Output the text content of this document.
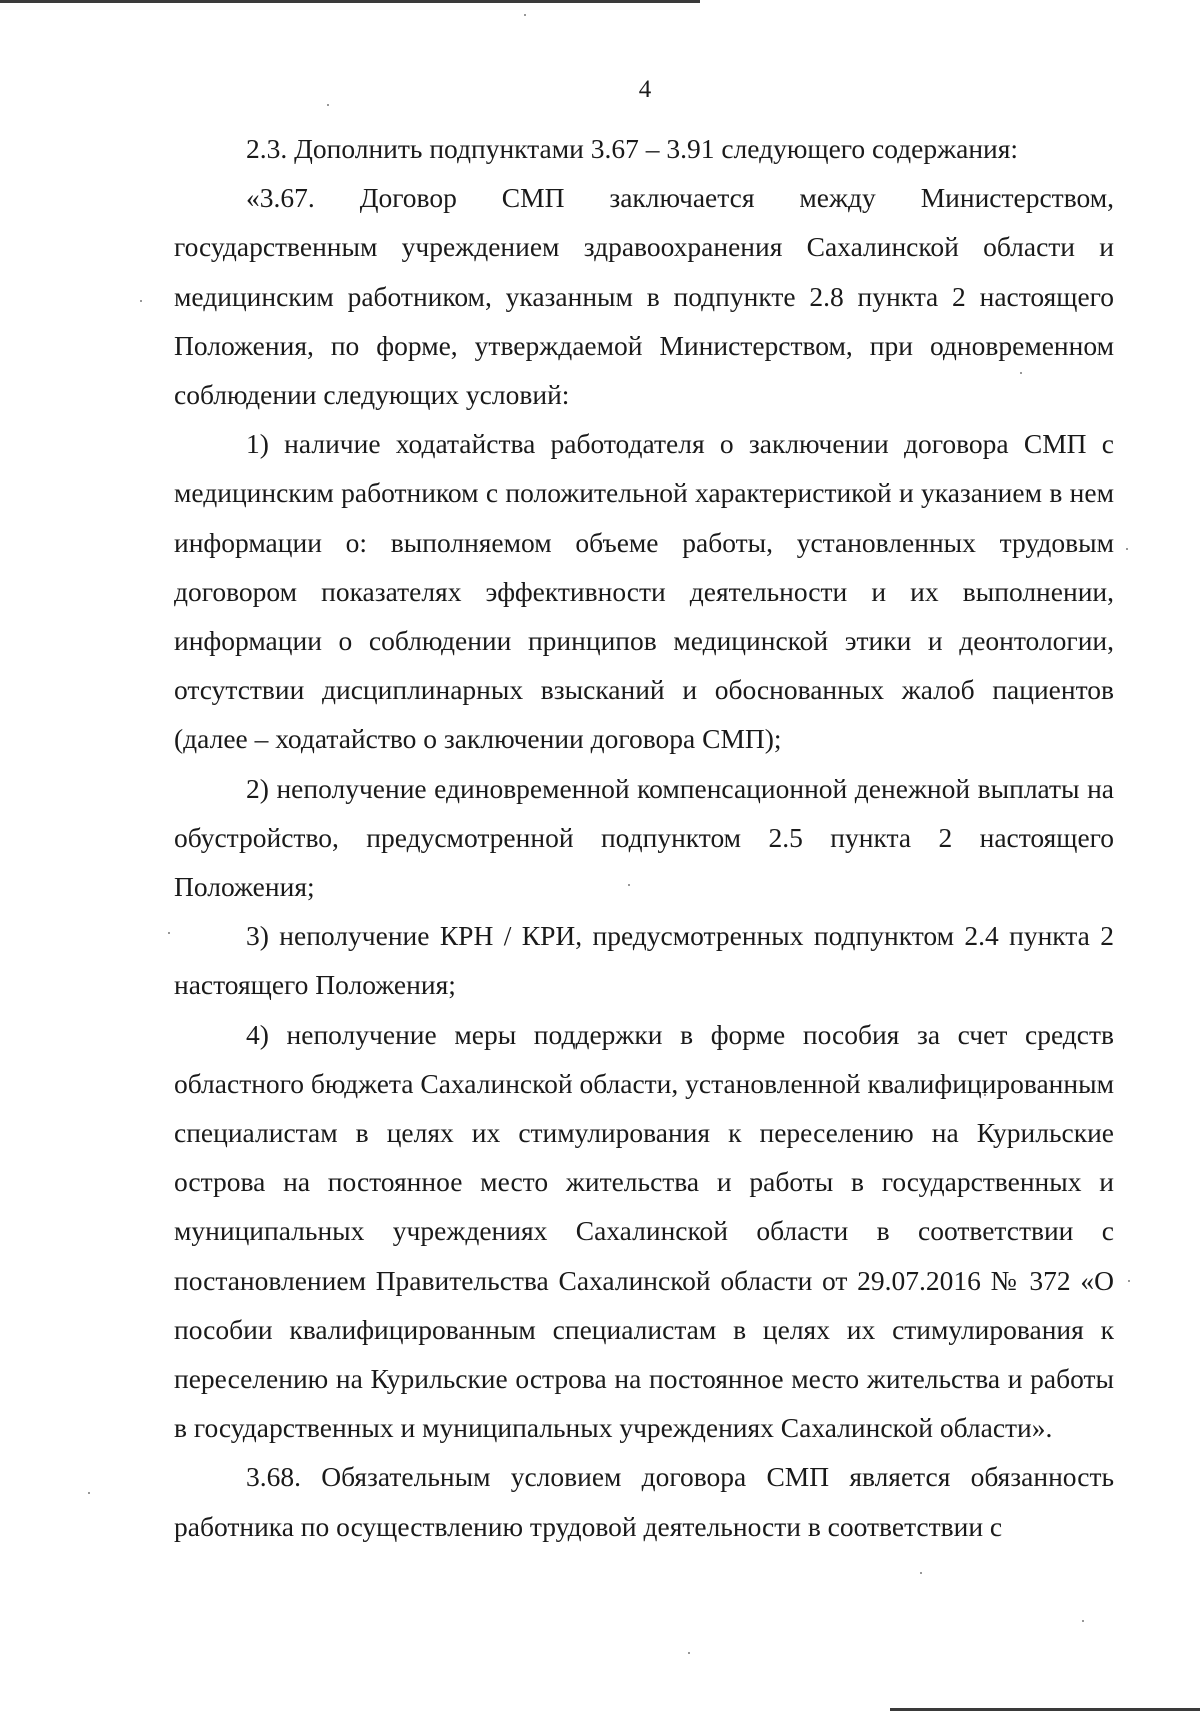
4

2.3. Дополнить подпунктами 3.67 – 3.91 следующего содержания:

«3.67. Договор СМП заключается между Министерством, государственным учреждением здравоохранения Сахалинской области и медицинским работником, указанным в подпункте 2.8 пункта 2 настоящего Положения, по форме, утверждаемой Министерством, при одновременном соблюдении следующих условий:

1) наличие ходатайства работодателя о заключении договора СМП с медицинским работником с положительной характеристикой и указанием в нем информации о: выполняемом объеме работы, установленных трудовым договором показателях эффективности деятельности и их выполнении, информации о соблюдении принципов медицинской этики и деонтологии, отсутствии дисциплинарных взысканий и обоснованных жалоб пациентов (далее – ходатайство о заключении договора СМП);

2) неполучение единовременной компенсационной денежной выплаты на обустройство, предусмотренной подпунктом 2.5 пункта 2 настоящего Положения;

3) неполучение КРН / КРИ, предусмотренных подпунктом 2.4 пункта 2 настоящего Положения;

4) неполучение меры поддержки в форме пособия за счет средств областного бюджета Сахалинской области, установленной квалифицированным специалистам в целях их стимулирования к переселению на Курильские острова на постоянное место жительства и работы в государственных и муниципальных учреждениях Сахалинской области в соответствии с постановлением Правительства Сахалинской области от 29.07.2016 № 372 «О пособии квалифицированным специалистам в целях их стимулирования к переселению на Курильские острова на постоянное место жительства и работы в государственных и муниципальных учреждениях Сахалинской области».

3.68. Обязательным условием договора СМП является обязанность работника по осуществлению трудовой деятельности в соответствии с
